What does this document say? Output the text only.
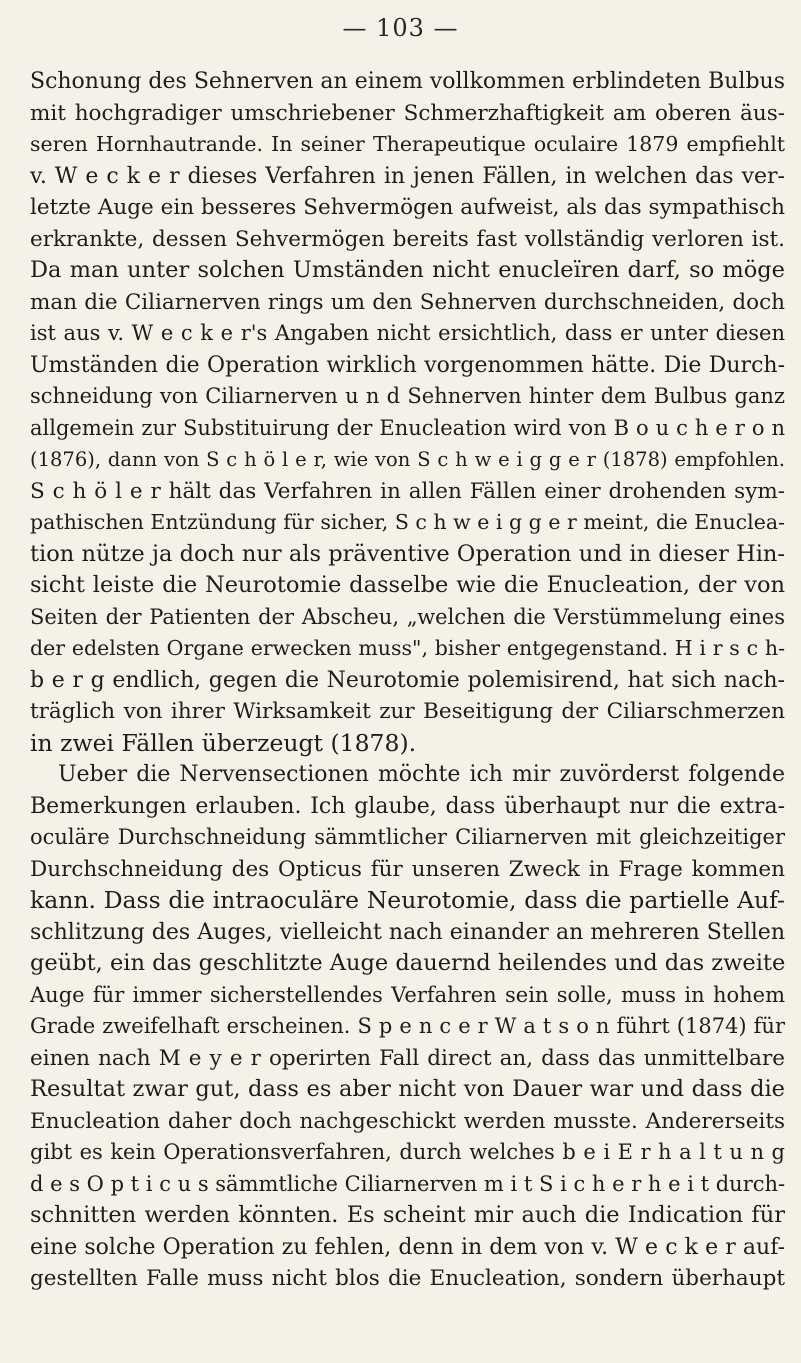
— 103 —
Schonung des Sehnerven an einem vollkommen erblindeten Bulbus
mit hochgradiger umschriebener Schmerzhaftigkeit am oberen äus-
seren Hornhautrande. In seiner Therapeutique oculaire 1879 empfiehlt
v. W e c k e r dieses Verfahren in jenen Fällen, in welchen das ver-
letzte Auge ein besseres Sehvermögen aufweist, als das sympathisch
erkrankte, dessen Sehvermögen bereits fast vollständig verloren ist.
Da man unter solchen Umständen nicht enucleïren darf, so möge
man die Ciliarnerven rings um den Sehnerven durchschneiden, doch
ist aus v. W e c k e r's Angaben nicht ersichtlich, dass er unter diesen
Umständen die Operation wirklich vorgenommen hätte. Die Durch-
schneidung von Ciliarnerven u n d Sehnerven hinter dem Bulbus ganz
allgemein zur Substituirung der Enucleation wird von B o u c h e r o n
(1876), dann von S c h ö l e r, wie von S c h w e i g g e r (1878) empfohlen.
S c h ö l e r hält das Verfahren in allen Fällen einer drohenden sym-
pathischen Entzündung für sicher, S c h w e i g g e r meint, die Enuclea-
tion nütze ja doch nur als präventive Operation und in dieser Hin-
sicht leiste die Neurotomie dasselbe wie die Enucleation, der von
Seiten der Patienten der Abscheu, „welchen die Verstümmelung eines
der edelsten Organe erwecken muss", bisher entgegenstand. H i r s c h-
b e r g endlich, gegen die Neurotomie polemisirend, hat sich nach-
träglich von ihrer Wirksamkeit zur Beseitigung der Ciliarschmerzen
in zwei Fällen überzeugt (1878).
Ueber die Nervensectionen möchte ich mir zuvörderst folgende
Bemerkungen erlauben. Ich glaube, dass überhaupt nur die extra-
oculäre Durchschneidung sämmtlicher Ciliarnerven mit gleichzeitiger
Durchschneidung des Opticus für unseren Zweck in Frage kommen
kann. Dass die intraoculäre Neurotomie, dass die partielle Auf-
schlitzung des Auges, vielleicht nach einander an mehreren Stellen
geübt, ein das geschlitzte Auge dauernd heilendes und das zweite
Auge für immer sicherstellendes Verfahren sein solle, muss in hohem
Grade zweifelhaft erscheinen. S p e n c e r W a t s o n führt (1874) für
einen nach M e y e r operirten Fall direct an, dass das unmittelbare
Resultat zwar gut, dass es aber nicht von Dauer war und dass die
Enucleation daher doch nachgeschickt werden musste. Andererseits
gibt es kein Operationsverfahren, durch welches b e i E r h a l t u n g
d e s O p t i c u s sämmtliche Ciliarnerven m i t S i c h e r h e i t durch-
schnitten werden könnten. Es scheint mir auch die Indication für
eine solche Operation zu fehlen, denn in dem von v. W e c k e r auf-
gestellten Falle muss nicht blos die Enucleation, sondern überhaupt
